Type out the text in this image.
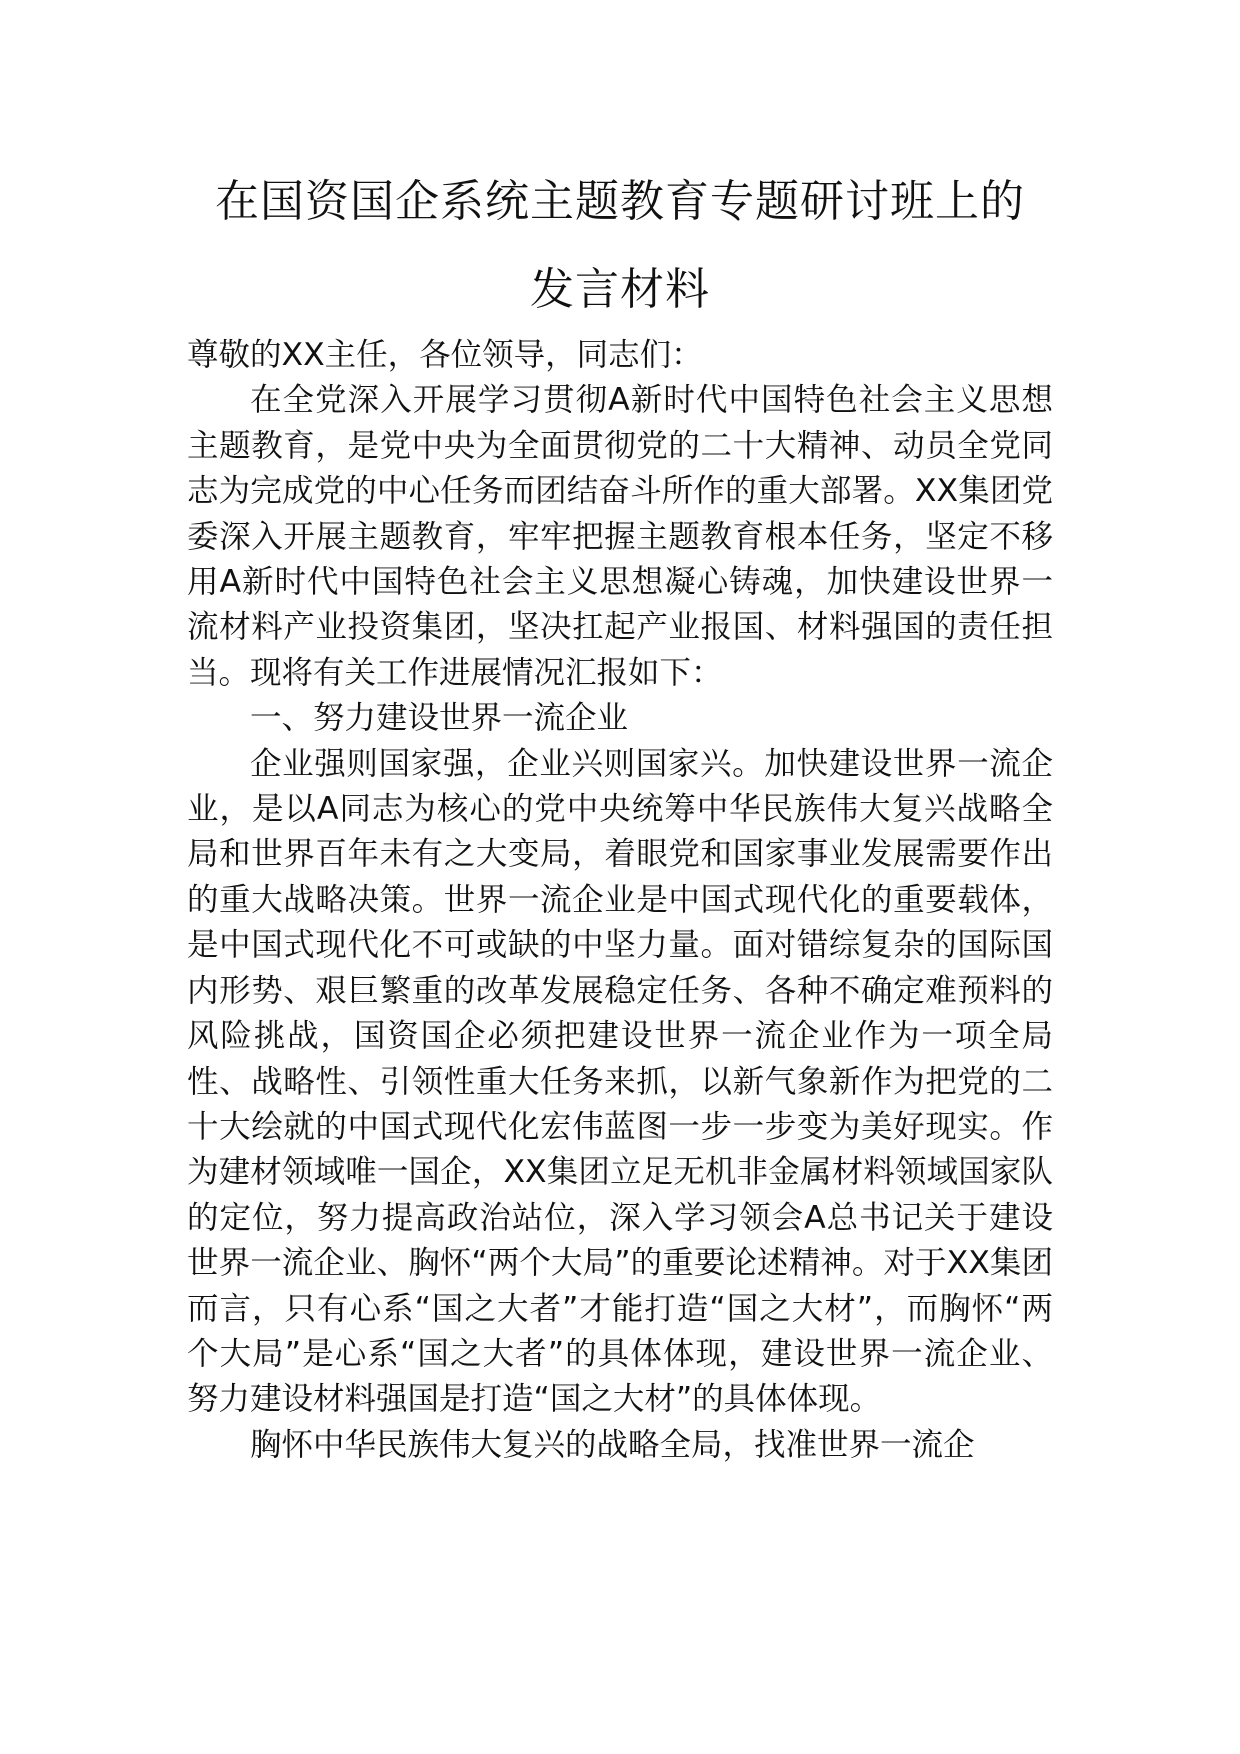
在国资国企系统主题教育专题研讨班上的
发言材料

尊敬的XX主任，各位领导，同志们：

在全党深入开展学习贯彻A新时代中国特色社会主义思想主题教育，是党中央为全面贯彻党的二十大精神、动员全党同志为完成党的中心任务而团结奋斗所作的重大部署。XX集团党委深入开展主题教育，牢牢把握主题教育根本任务，坚定不移用A新时代中国特色社会主义思想凝心铸魂，加快建设世界一流材料产业投资集团，坚决扛起产业报国、材料强国的责任担当。现将有关工作进展情况汇报如下：

一、努力建设世界一流企业

企业强则国家强，企业兴则国家兴。加快建设世界一流企业，是以A同志为核心的党中央统筹中华民族伟大复兴战略全局和世界百年未有之大变局，着眼党和国家事业发展需要作出的重大战略决策。世界一流企业是中国式现代化的重要载体，是中国式现代化不可或缺的中坚力量。面对错综复杂的国际国内形势、艰巨繁重的改革发展稳定任务、各种不确定难预料的风险挑战，国资国企必须把建设世界一流企业作为一项全局性、战略性、引领性重大任务来抓，以新气象新作为把党的二十大绘就的中国式现代化宏伟蓝图一步一步变为美好现实。作为建材领域唯一国企，XX集团立足无机非金属材料领域国家队的定位，努力提高政治站位，深入学习领会A总书记关于建设世界一流企业、胸怀“两个大局”的重要论述精神。对于XX集团而言，只有心系“国之大者”才能打造“国之大材”，而胸怀“两个大局”是心系“国之大者”的具体体现，建设世界一流企业、努力建设材料强国是打造“国之大材”的具体体现。

胸怀中华民族伟大复兴的战略全局，找准世界一流企
